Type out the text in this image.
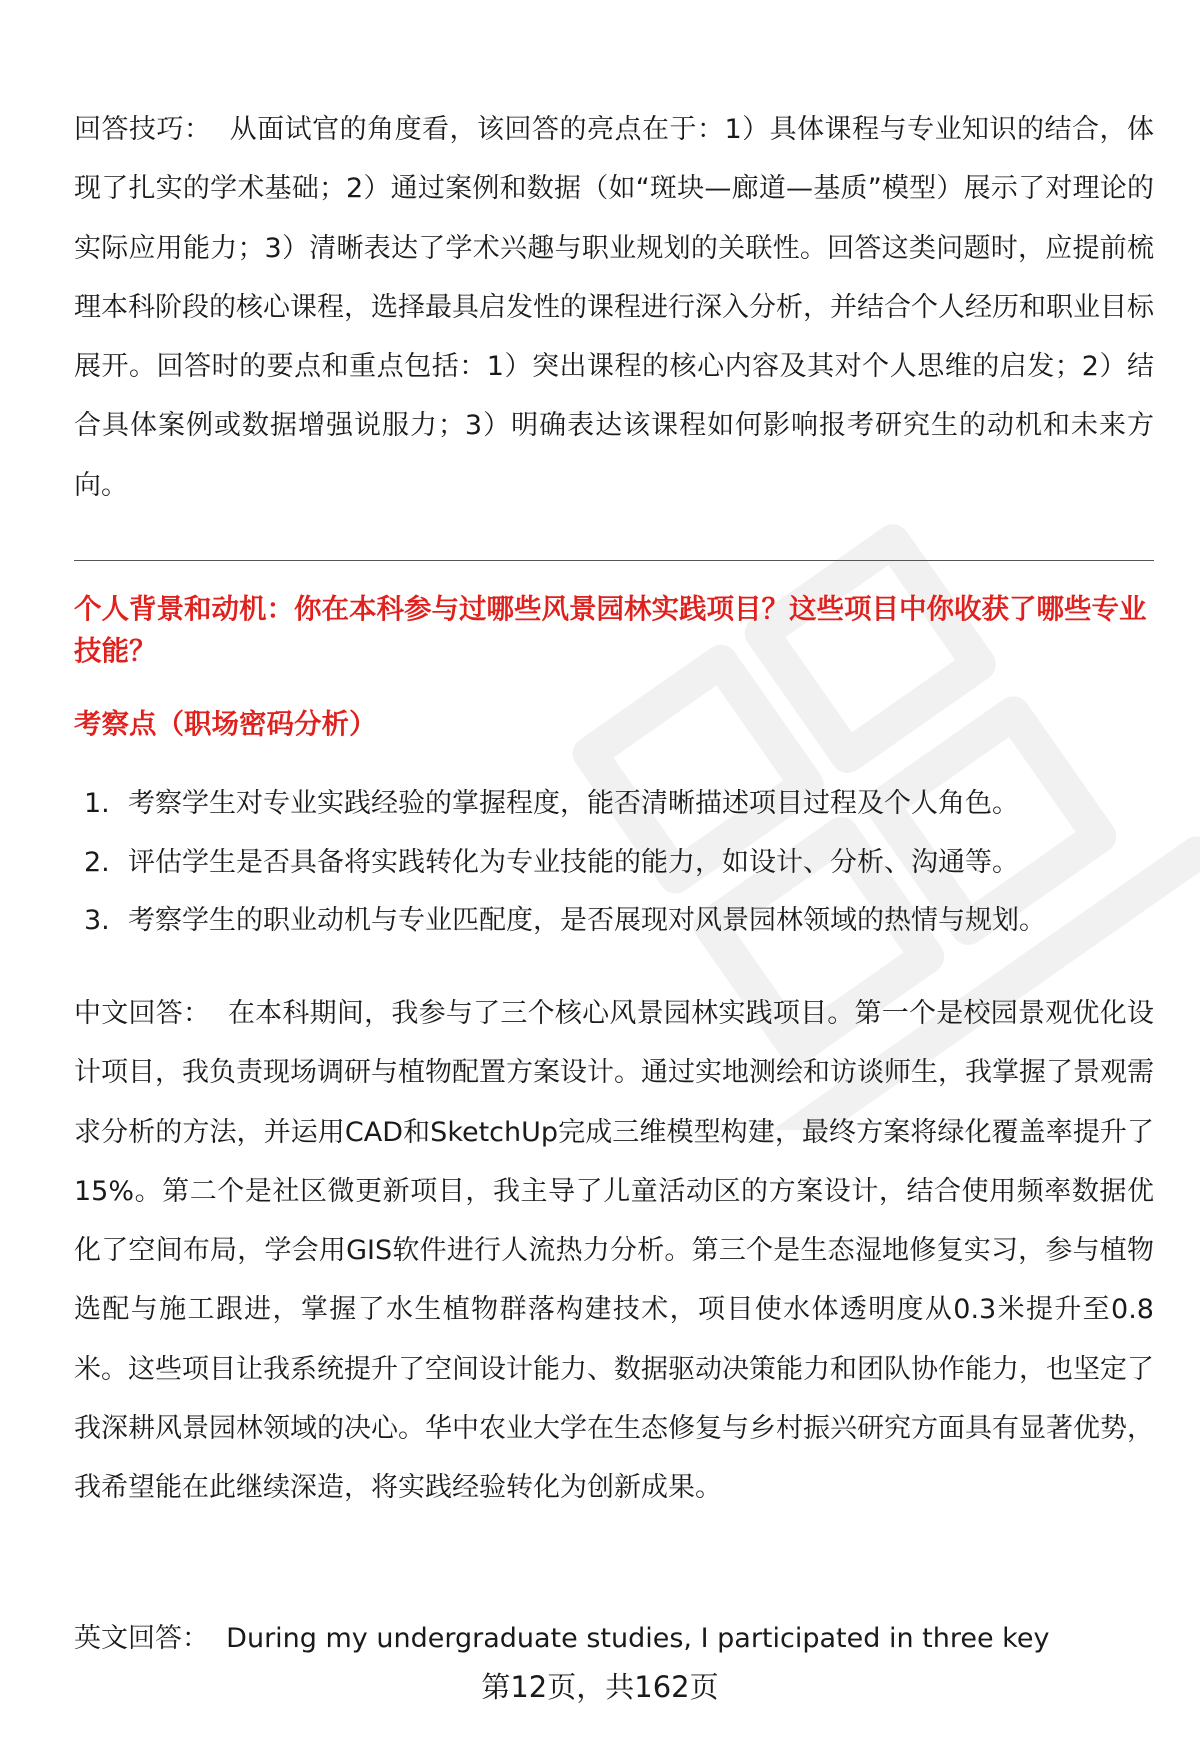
回答技巧： 从面试官的角度看，该回答的亮点在于：1）具体课程与专业知识的结合，体现了扎实的学术基础；2）通过案例和数据（如“斑块—廊道—基质”模型）展示了对理论的实际应用能力；3）清晰表达了学术兴趣与职业规划的关联性。回答这类问题时，应提前梳理本科阶段的核心课程，选择最具启发性的课程进行深入分析，并结合个人经历和职业目标展开。回答时的要点和重点包括：1）突出课程的核心内容及其对个人思维的启发；2）结合具体案例或数据增强说服力；3）明确表达该课程如何影响报考研究生的动机和未来方向。

个人背景和动机：你在本科参与过哪些风景园林实践项目？这些项目中你收获了哪些专业技能？

考察点（职场密码分析）

1. 考察学生对专业实践经验的掌握程度，能否清晰描述项目过程及个人角色。
2. 评估学生是否具备将实践转化为专业技能的能力，如设计、分析、沟通等。
3. 考察学生的职业动机与专业匹配度，是否展现对风景园林领域的热情与规划。

中文回答： 在本科期间，我参与了三个核心风景园林实践项目。第一个是校园景观优化设计项目，我负责现场调研与植物配置方案设计。通过实地测绘和访谈师生，我掌握了景观需求分析的方法，并运用CAD和SketchUp完成三维模型构建，最终方案将绿化覆盖率提升了15%。第二个是社区微更新项目，我主导了儿童活动区的方案设计，结合使用频率数据优化了空间布局，学会用GIS软件进行人流热力分析。第三个是生态湿地修复实习，参与植物选配与施工跟进，掌握了水生植物群落构建技术，项目使水体透明度从0.3米提升至0.8米。这些项目让我系统提升了空间设计能力、数据驱动决策能力和团队协作能力，也坚定了我深耕风景园林领域的决心。华中农业大学在生态修复与乡村振兴研究方面具有显著优势，我希望能在此继续深造，将实践经验转化为创新成果。

英文回答： During my undergraduate studies, I participated in three key

第12页，共162页
